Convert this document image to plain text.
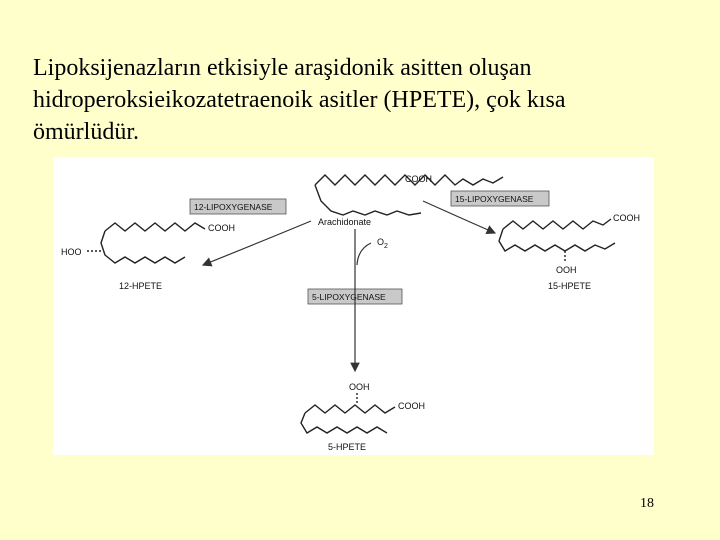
Lipoksijenazların etkisiyle araşidonik asitten oluşan
hidroperoksieikozatetraenoik asitler (HPETE), çok kısa
ömürlüdür.
COOH
Arachidonate
12-LIPOXYGENASE
15-LIPOXYGENASE
5-LIPOXYGENASE
$O_2$
COOH
HOO
12-HPETE
COOH
OOH
15-HPETE
COOH
OOH
5-HPETE
18
